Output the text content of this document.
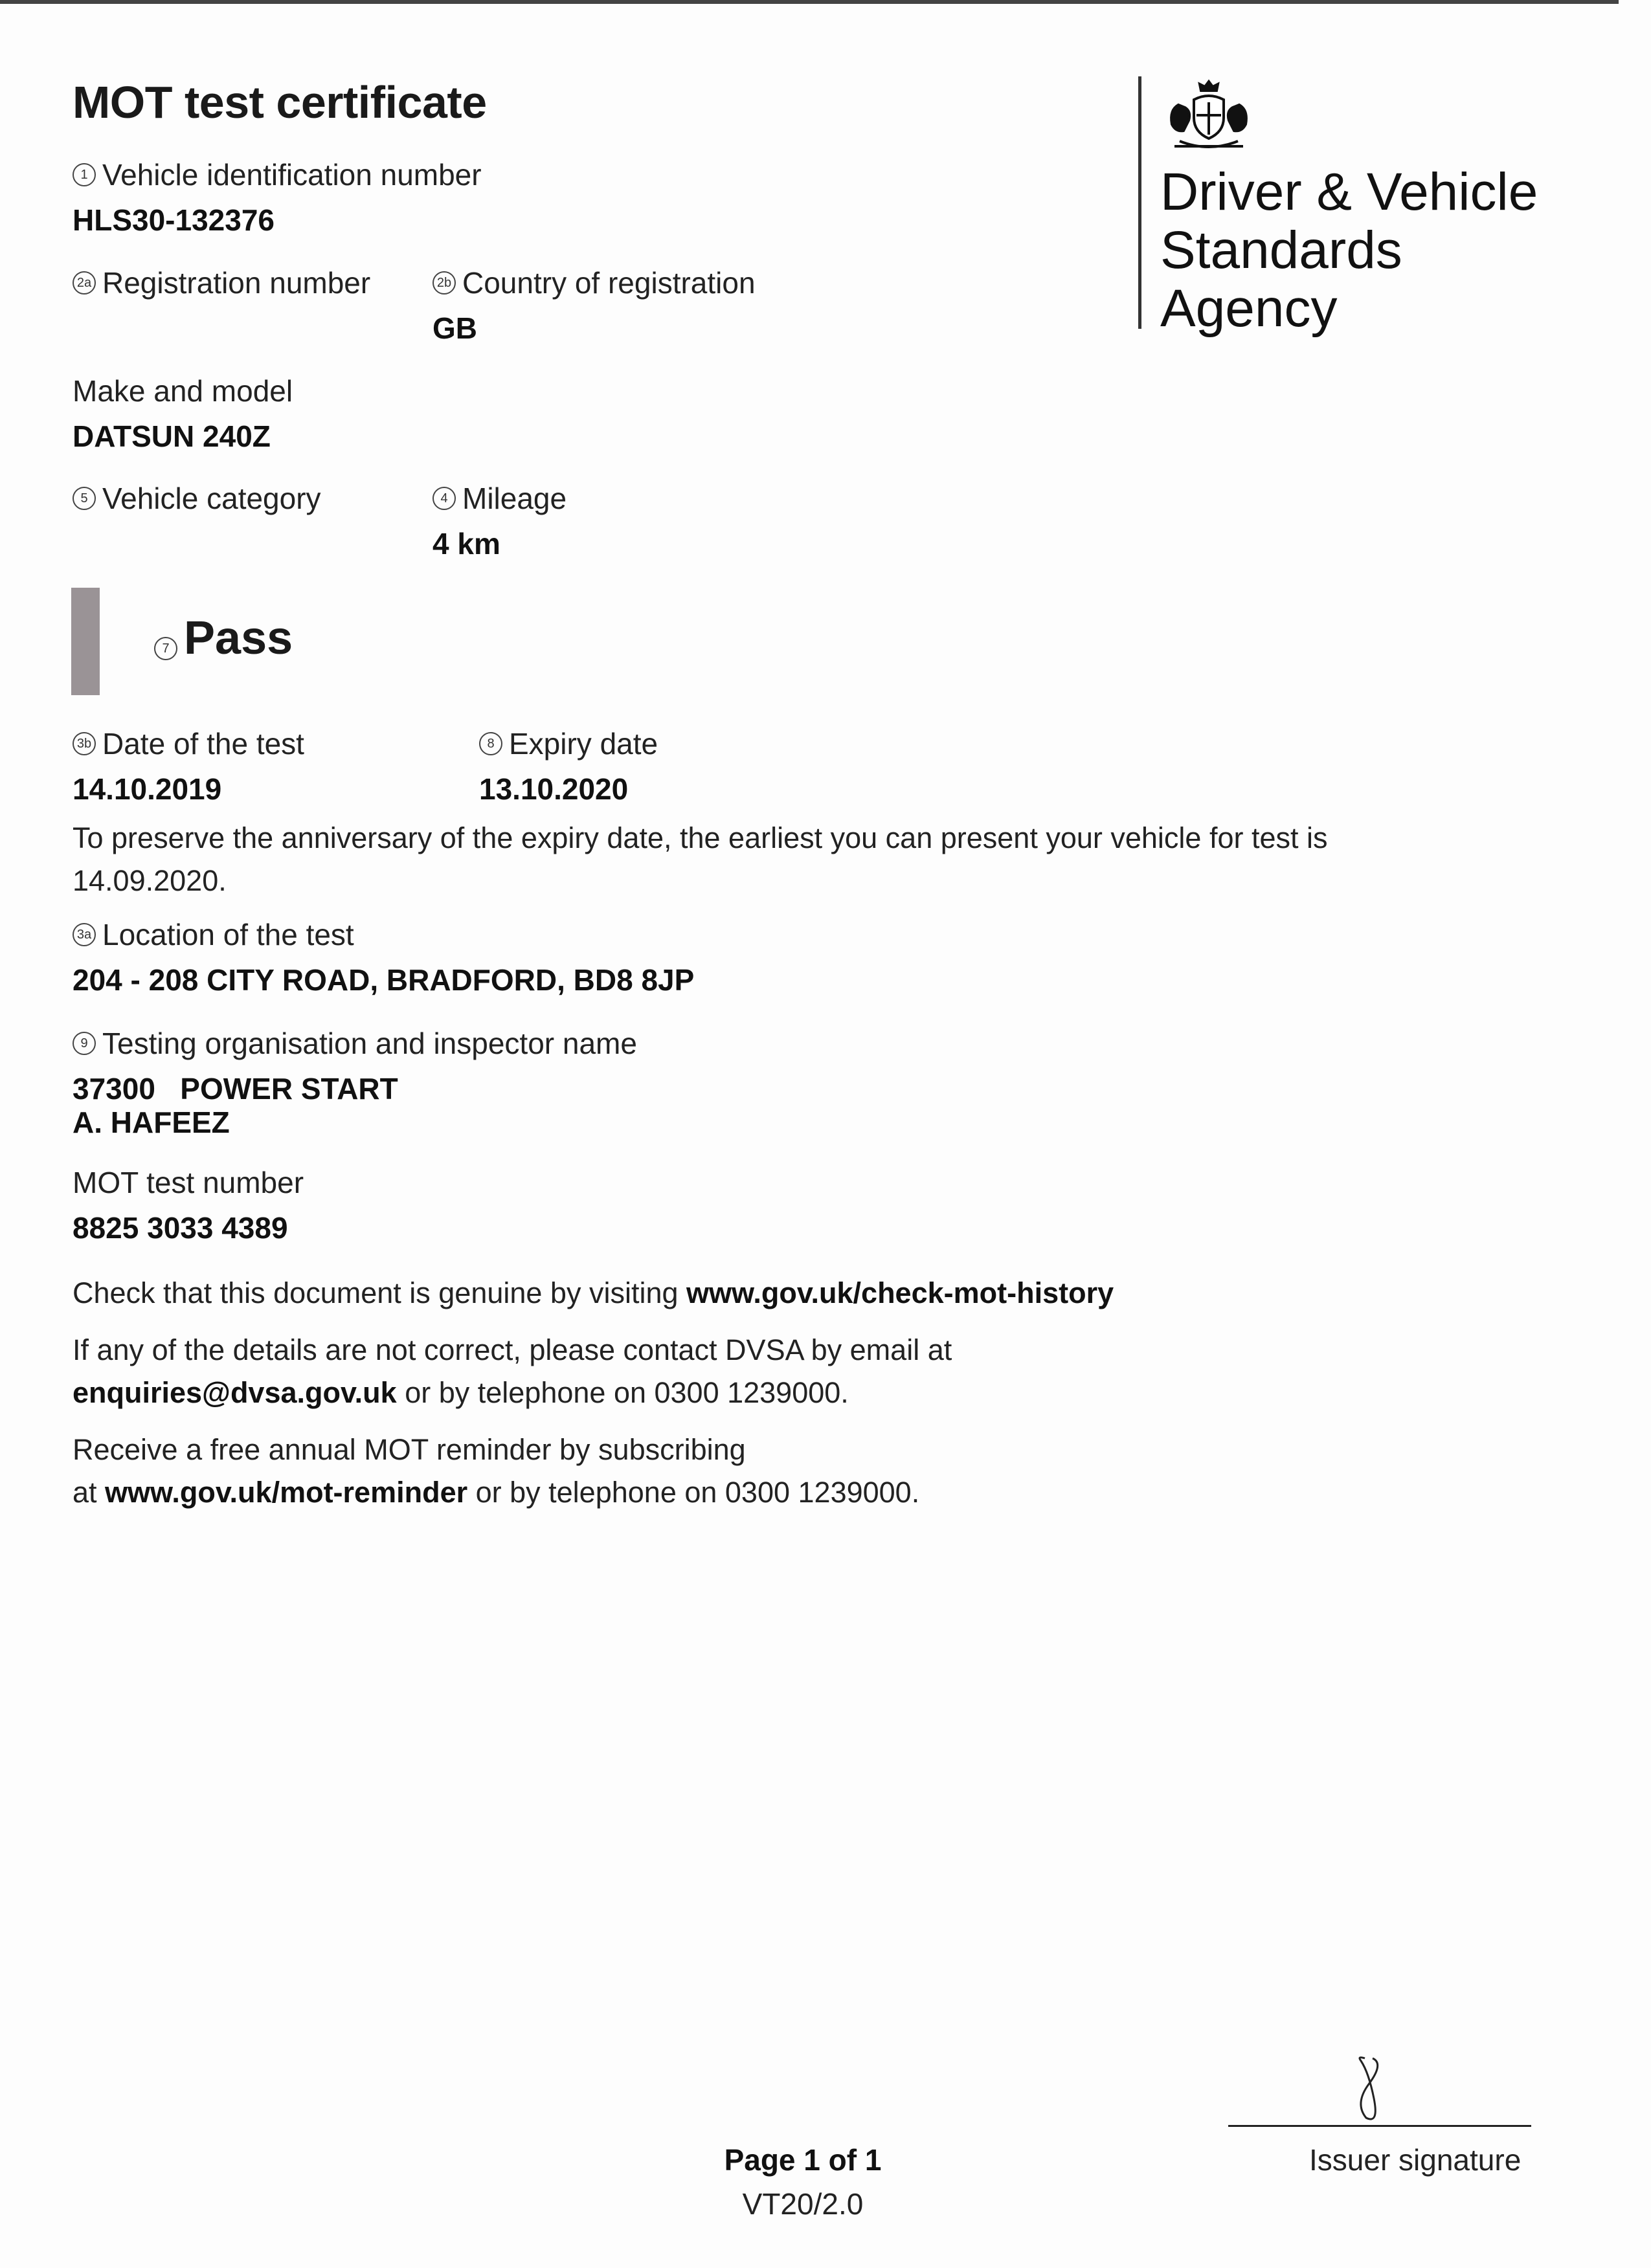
MOT test certificate
Driver & Vehicle
Standards
Agency
1 Vehicle identification number
HLS30-132376
2a Registration number	2b Country of registration
GB
Make and model
DATSUN 240Z
5 Vehicle category	4 Mileage
4 km
7 Pass
3b Date of the test
14.10.2019
8 Expiry date
13.10.2020
To preserve the anniversary of the expiry date, the earliest you can present your vehicle for test is
14.09.2020.
3a Location of the test
204 - 208 CITY ROAD, BRADFORD, BD8 8JP
9 Testing organisation and inspector name
37300 POWER START
A. HAFEEZ
MOT test number
8825 3033 4389
Check that this document is genuine by visiting www.gov.uk/check-mot-history
If any of the details are not correct, please contact DVSA by email at
enquiries@dvsa.gov.uk or by telephone on 0300 1239000.
Receive a free annual MOT reminder by subscribing
at www.gov.uk/mot-reminder or by telephone on 0300 1239000.
Issuer signature
Page 1 of 1
VT20/2.0
